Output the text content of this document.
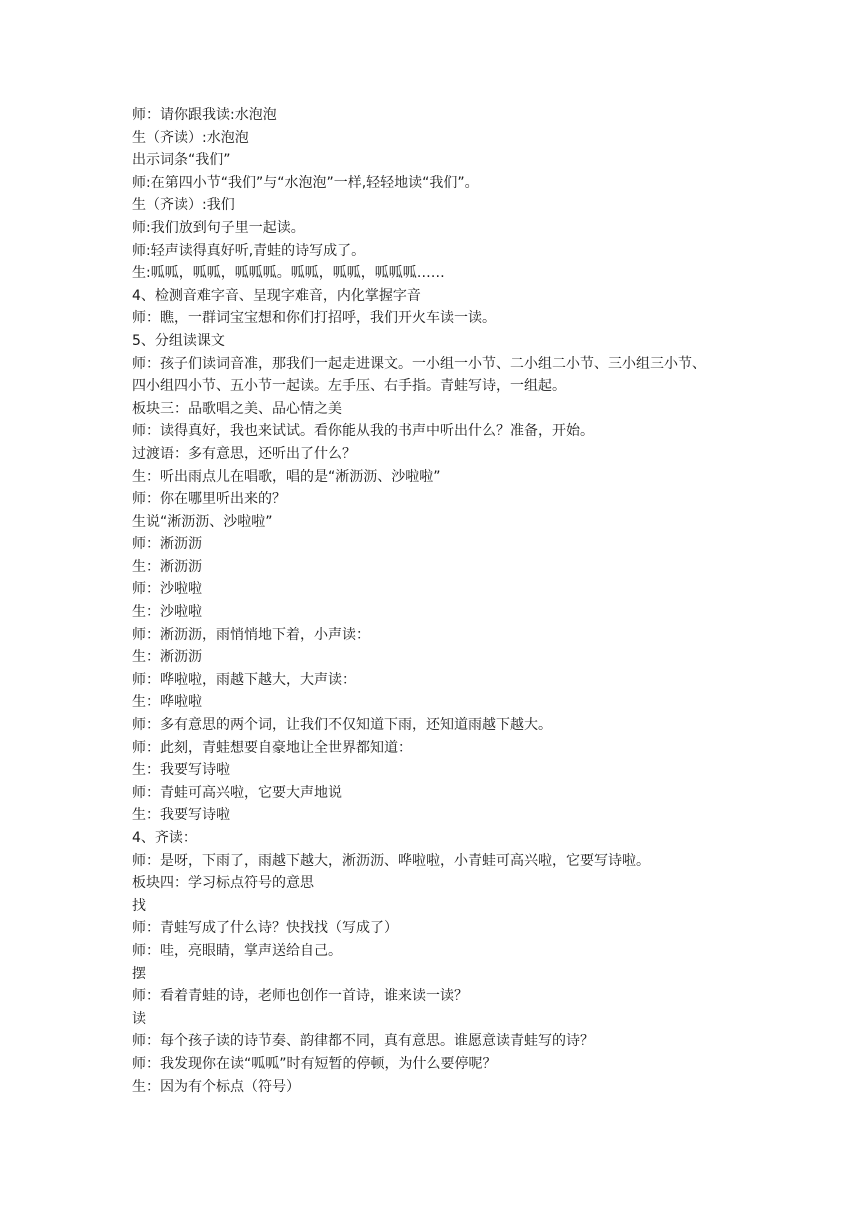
师：请你跟我读:水泡泡
生（齐读）:水泡泡
出示词条“我们”
师:在第四小节“我们”与“水泡泡”一样,轻轻地读“我们”。
生（齐读）:我们
师:我们放到句子里一起读。
师:轻声读得真好听,青蛙的诗写成了。
生:呱呱，呱呱，呱呱呱。呱呱，呱呱，呱呱呱……
4、检测音难字音、呈现字难音，内化掌握字音
师：瞧，一群词宝宝想和你们打招呼，我们开火车读一读。
5、分组读课文
师：孩子们读词音准，那我们一起走进课文。一小组一小节、二小组二小节、三小组三小节、
四小组四小节、五小节一起读。左手压、右手指。青蛙写诗，一组起。
板块三：品歌唱之美、品心情之美
师：读得真好，我也来试试。看你能从我的书声中听出什么？准备，开始。
过渡语：多有意思，还听出了什么？
生：听出雨点儿在唱歌，唱的是“淅沥沥、沙啦啦”
师：你在哪里听出来的？
生说“淅沥沥、沙啦啦”
师：淅沥沥
生：淅沥沥
师：沙啦啦
生：沙啦啦
师：淅沥沥，雨悄悄地下着，小声读：
生：淅沥沥
师：哗啦啦，雨越下越大，大声读：
生：哗啦啦
师：多有意思的两个词，让我们不仅知道下雨，还知道雨越下越大。
师：此刻，青蛙想要自豪地让全世界都知道：
生：我要写诗啦
师：青蛙可高兴啦，它要大声地说
生：我要写诗啦
4、齐读：
师：是呀，下雨了，雨越下越大，淅沥沥、哗啦啦，小青蛙可高兴啦，它要写诗啦。
板块四：学习标点符号的意思
找
师：青蛙写成了什么诗？快找找（写成了）
师：哇，亮眼睛，掌声送给自己。
摆
师：看着青蛙的诗，老师也创作一首诗，谁来读一读？
读
师：每个孩子读的诗节奏、韵律都不同，真有意思。谁愿意读青蛙写的诗？
师：我发现你在读“呱呱”时有短暂的停顿，为什么要停呢？
生：因为有个标点（符号）
